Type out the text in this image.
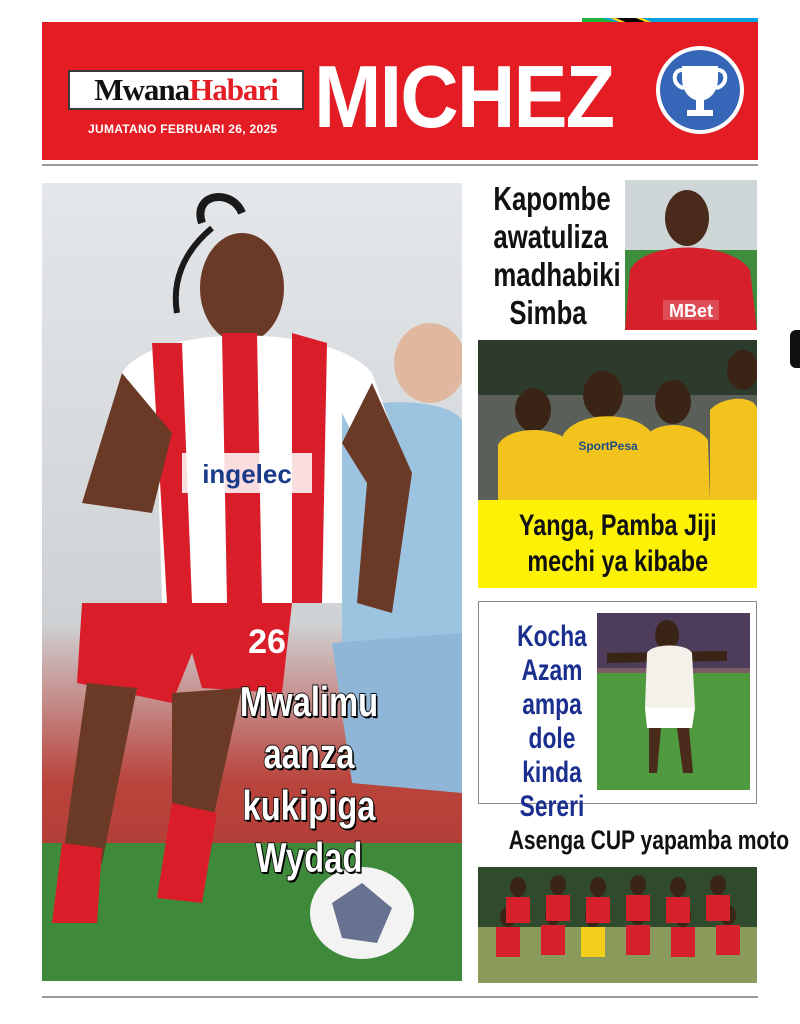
Mwana Habari
JUMATANO FEBRUARI 26, 2025 MICHEZ
ingelec
26
Mwalimu
aanza
kukipiga
Wydad
Kapombe
awatuliza
madhabiki
Simba	MBet
SportPesa
Yanga, Pamba Jiji
mechi ya kibabe
Kocha
Azam
ampa
dole kinda
Sereri
Asenga CUP yapamba moto
